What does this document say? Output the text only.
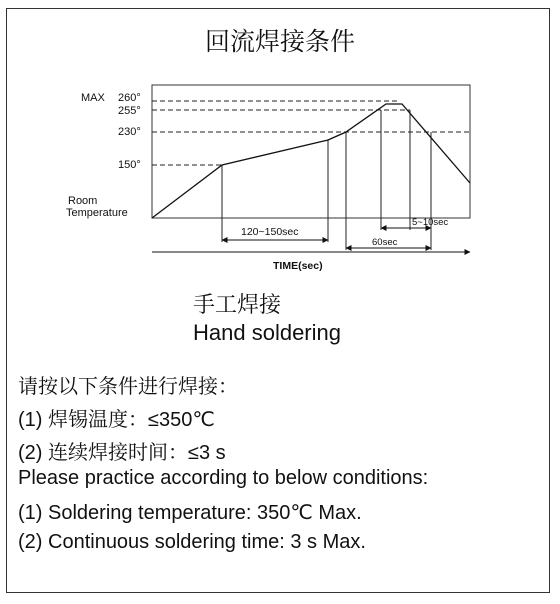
回流焊接条件
MAX 260°
255°
230°
150°
Room
Temperature
120~150sec
5~10sec
60sec
TIME(sec)
手工焊接
Hand soldering
请按以下条件进行焊接：
(1) 焊锡温度：≤350℃
(2) 连续焊接时间：≤3 s
Please practice according to below conditions:
(1) Soldering temperature: 350℃ Max.
(2) Continuous soldering time: 3 s Max.
